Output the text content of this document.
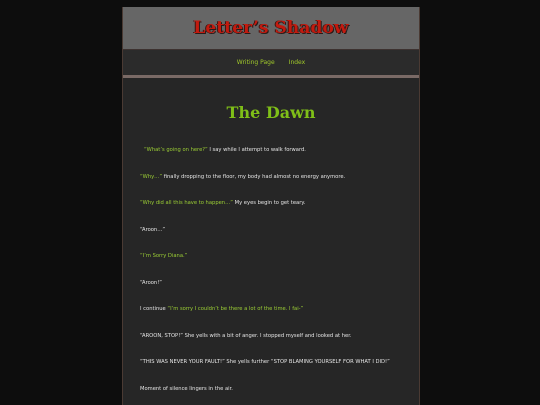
Letter’s Shadow
Writing Page Index
The Dawn
“What’s going on here?” I say while I attempt to walk forward.
“Why…” finally dropping to the floor, my body had almost no energy anymore.
“Why did all this have to happen…” My eyes begin to get teary.
“Aroon…”
“I’m Sorry Diana.”
“Aroon!”
I continue “I’m sorry I couldn’t be there a lot of the time. I fai-”
“AROON, STOP!” She yells with a bit of anger. I stopped myself and looked at her.
“THIS WAS NEVER YOUR FAULT!” She yells further “STOP BLAMING YOURSELF FOR WHAT I DID!”
Moment of silence lingers in the air.
